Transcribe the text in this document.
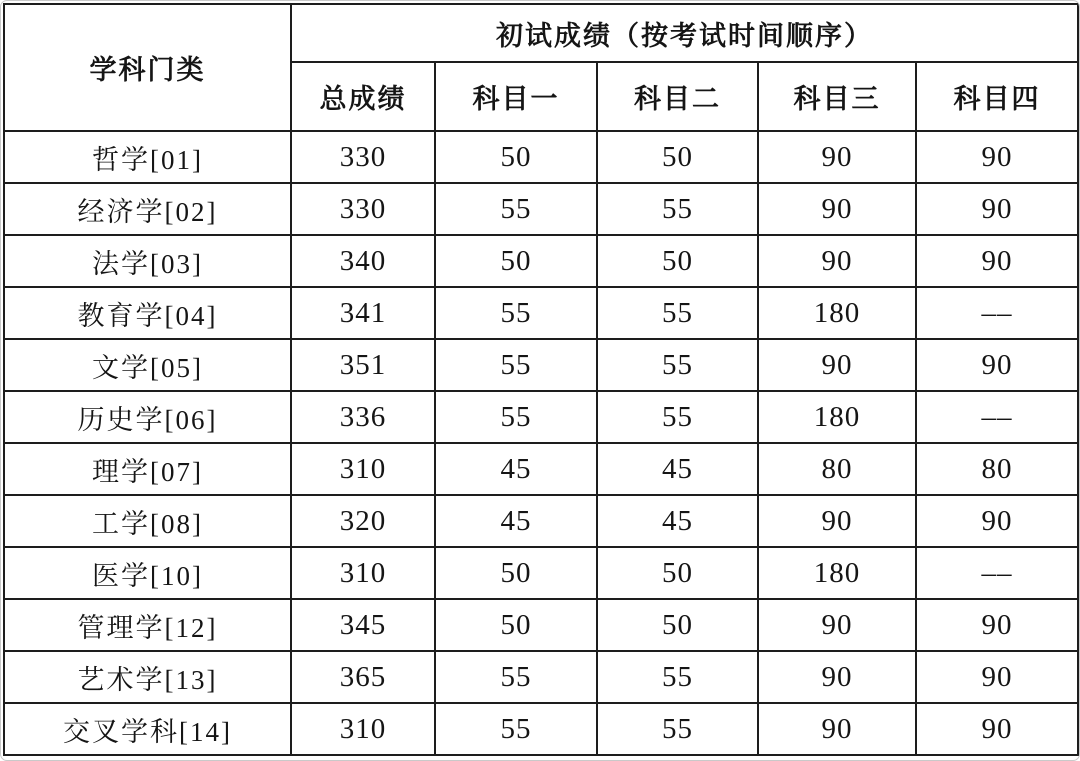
学科门类	初试成绩（按考试时间顺序）				
	总成绩	科目一	科目二	科目三	科目四
哲学[01]	330	50	50	90	90
经济学[02]	330	55	55	90	90
法学[03]	340	50	50	90	90
教育学[04]	341	55	55	180	––
文学[05]	351	55	55	90	90
历史学[06]	336	55	55	180	––
理学[07]	310	45	45	80	80
工学[08]	320	45	45	90	90
医学[10]	310	50	50	180	––
管理学[12]	345	50	50	90	90
艺术学[13]	365	55	55	90	90
交叉学科[14]	310	55	55	90	90
